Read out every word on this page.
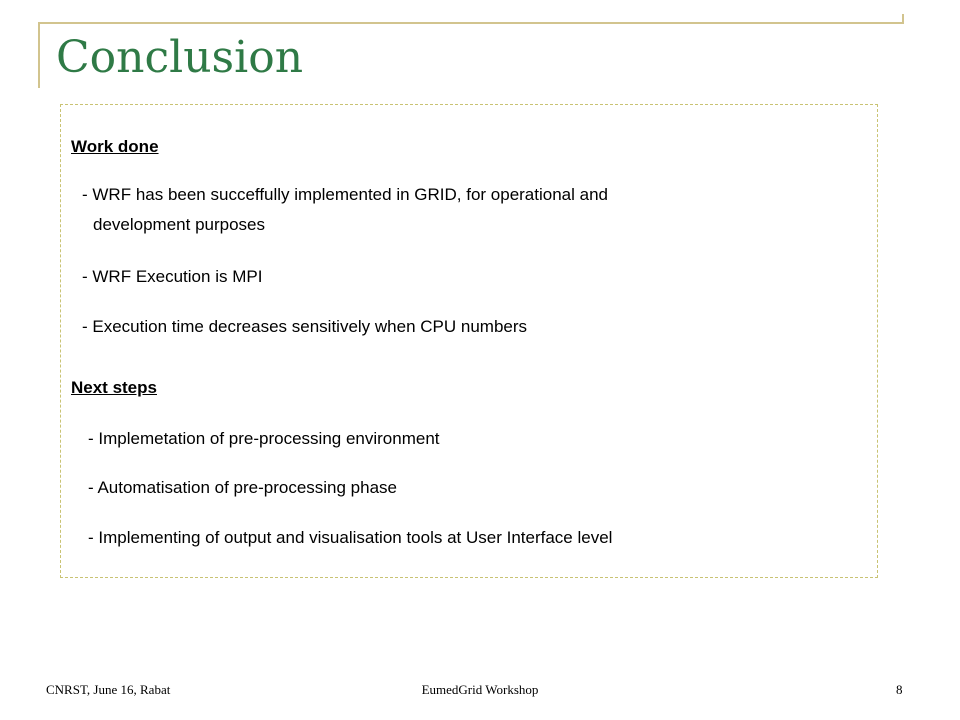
Conclusion

Work done

- WRF has been succeffully implemented in GRID, for operational and
development purposes
- WRF Execution is MPI
- Execution time decreases sensitively when CPU numbers

Next steps

- Implemetation of pre-processing environment
- Automatisation of pre-processing phase
- Implementing of output and visualisation tools at User Interface level

CNRST, June 16, Rabat	EumedGrid Workshop	8
